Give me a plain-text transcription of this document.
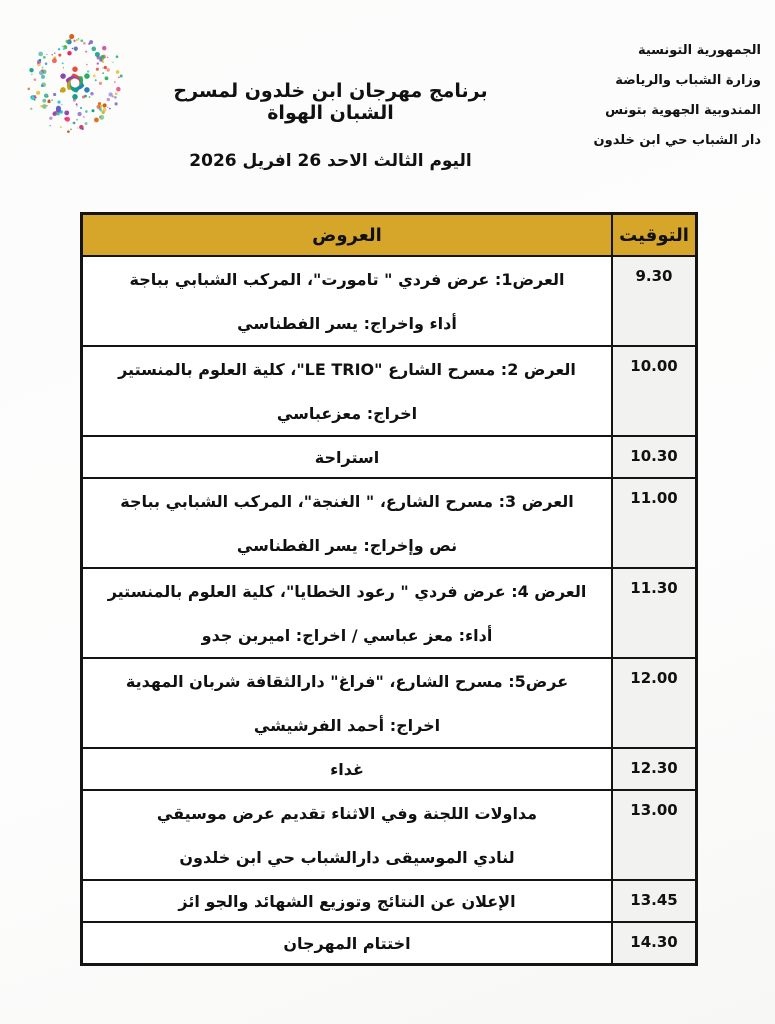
الجمهورية التونسية
وزارة الشباب والرياضة
المندوبية الجهوية بتونس
دار الشباب حي ابن خلدون
برنامج مهرجان ابن خلدون لمسرح الشبان الهواة
اليوم الثالث الاحد 26 افريل 2026
التوقيت	العروض
9.30	العرض1: عرض فردي " تامورت"، المركب الشبابي بباجة
أداء واخراج: يسر الفطناسي

10.00	العرض 2: مسرح الشارع "LE TRIO"، كلية العلوم بالمنستير
اخراج: معزعباسي

10.30	استراحة

11.00	العرض 3: مسرح الشارع، " الغنجة"، المركب الشبابي بباجة
نص وإخراج: يسر الفطناسي

11.30	العرض 4: عرض فردي " رعود الخطايا"، كلية العلوم بالمنستير
أداء: معز عباسي / اخراج: اميربن جدو

12.00	عرض5: مسرح الشارع، "فراغ" دارالثقافة شربان المهدية
اخراج: أحمد الفرشيشي

12.30	غداء

13.00	مداولات اللجنة وفي الاثناء تقديم عرض موسيقي
لنادي الموسيقى دارالشباب حي ابن خلدون

13.45	الإعلان عن النتائج وتوزيع الشهائد والجو ائز

14.30	اختتام المهرجان
